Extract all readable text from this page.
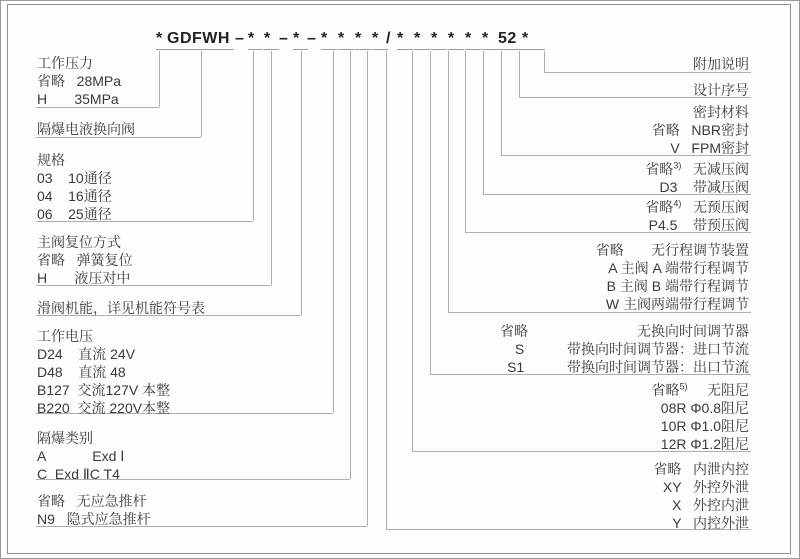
* GDFWH – * * – * – * * * * / * * * * * * 52 *
工作压力
省略   28MPa
H       35MPa
隔爆电液换向阀
规格
03    10通径
04    16通径
06    25通径
主阀复位方式
省略   弹簧复位
H       液压对中
滑阀机能，详见机能符号表
工作电压
D24    直流 24V
D48    直流 48
B127  交流127V 本整
B220  交流 220V本整
隔爆类别
A            Exd Ⅰ
C  Exd ⅡC T4
省略   无应急推杆
N9   隐式应急推杆
附加说明
设计序号
密封材料
省略   NBR密封
V   FPM密封
省略$^{3)}$   无减压阀
D3    带减压阀
省略$^{4)}$   无预压阀
P4.5    带预压阀
省略       无行程调节装置
A 主阀 A 端带行程调节
B 主阀 B 端带行程调节
W 主阀两端带行程调节
省略                            无换向时间调节器
S           带换向时间调节器：进口节流
S1           带换向时间调节器：出口节流
省略$^{5)}$     无阻尼
08R Φ0.8阻尼
10R Φ1.0阻尼
12R Φ1.2阻尼
省略   内泄内控
XY   外控外泄
X   外控内泄
Y   内控外泄
